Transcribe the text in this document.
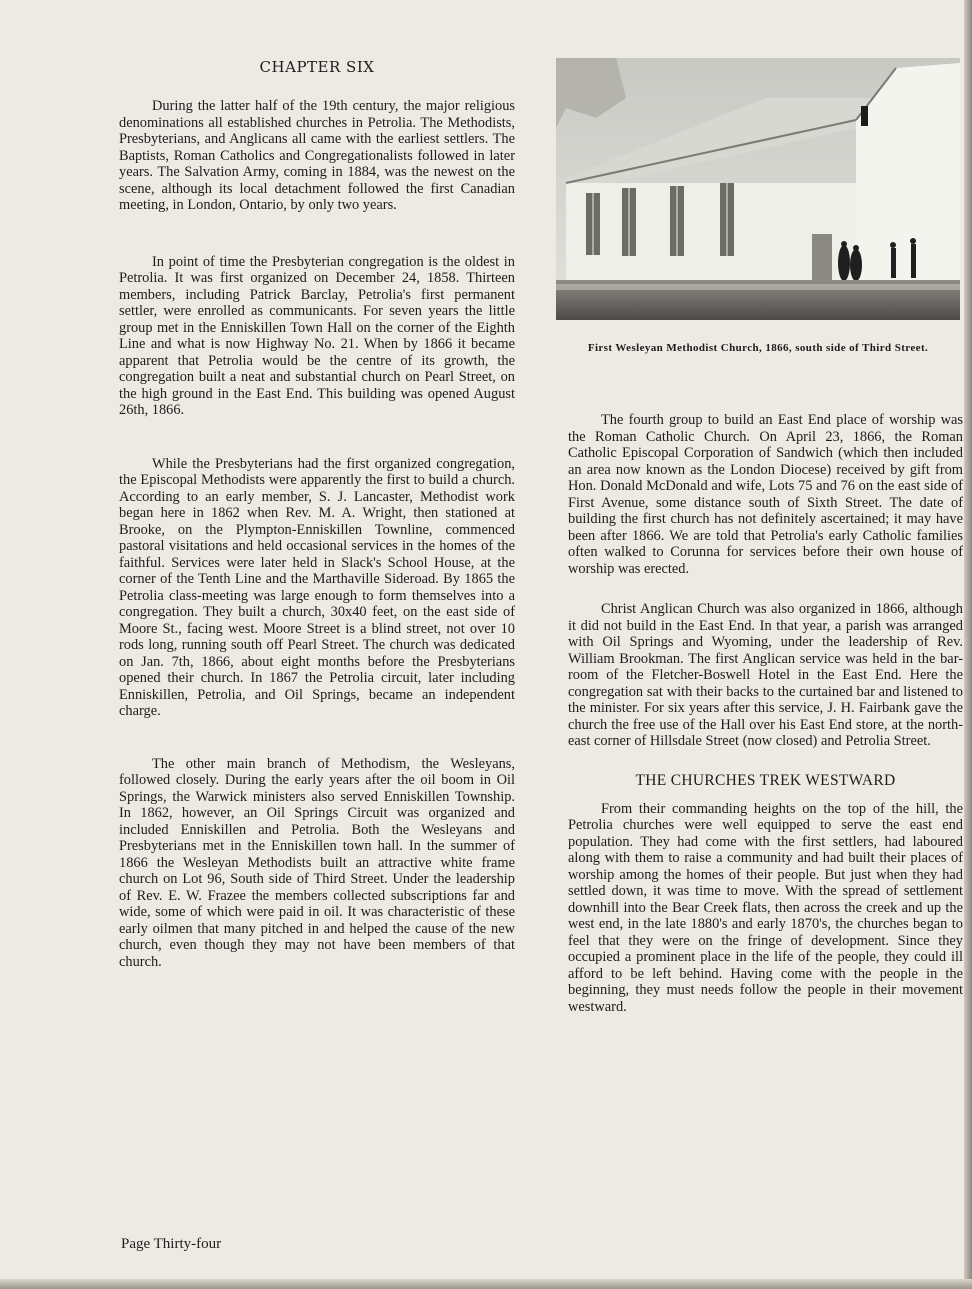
CHAPTER SIX

During the latter half of the 19th century, the major religious denominations all established churches in Petrolia. The Methodists, Presbyterians, and Anglicans all came with the earliest settlers. The Baptists, Roman Catholics and Congregationalists followed in later years. The Salvation Army, coming in 1884, was the newest on the scene, although its local detachment followed the first Canadian meeting, in London, Ontario, by only two years.

In point of time the Presbyterian congregation is the oldest in Petrolia. It was first organized on December 24, 1858. Thirteen members, including Patrick Barclay, Petrolia's first permanent settler, were enrolled as communicants. For seven years the little group met in the Enniskillen Town Hall on the corner of the Eighth Line and what is now Highway No. 21. When by 1866 it became apparent that Petrolia would be the centre of its growth, the congregation built a neat and substantial church on Pearl Street, on the high ground in the East End. This building was opened August 26th, 1866.

While the Presbyterians had the first organized congregation, the Episcopal Methodists were apparently the first to build a church. According to an early member, S. J. Lancaster, Methodist work began here in 1862 when Rev. M. A. Wright, then stationed at Brooke, on the Plympton-Enniskillen Townline, commenced pastoral visitations and held occasional services in the homes of the faithful. Services were later held in Slack's School House, at the corner of the Tenth Line and the Marthaville Sideroad. By 1865 the Petrolia class-meeting was large enough to form themselves into a congregation. They built a church, 30x40 feet, on the east side of Moore St., facing west. Moore Street is a blind street, not over 10 rods long, running south off Pearl Street. The church was dedicated on Jan. 7th, 1866, about eight months before the Presbyterians opened their church. In 1867 the Petrolia circuit, later including Enniskillen, Petrolia, and Oil Springs, became an independent charge.

The other main branch of Methodism, the Wesleyans, followed closely. During the early years after the oil boom in Oil Springs, the Warwick ministers also served Enniskillen Township. In 1862, however, an Oil Springs Circuit was organized and included Enniskillen and Petrolia. Both the Wesleyans and Presbyterians met in the Enniskillen town hall. In the summer of 1866 the Wesleyan Methodists built an attractive white frame church on Lot 96, South side of Third Street. Under the leadership of Rev. E. W. Frazee the members collected subscriptions far and wide, some of which were paid in oil. It was characteristic of these early oilmen that many pitched in and helped the cause of the new church, even though they may not have been members of that church.

First Wesleyan Methodist Church, 1866, south side of Third Street.

The fourth group to build an East End place of worship was the Roman Catholic Church. On April 23, 1866, the Roman Catholic Episcopal Corporation of Sandwich (which then included an area now known as the London Diocese) received by gift from Hon. Donald McDonald and wife, Lots 75 and 76 on the east side of First Avenue, some distance south of Sixth Street. The date of building the first church has not definitely ascertained; it may have been after 1866. We are told that Petrolia's early Catholic families often walked to Corunna for services before their own house of worship was erected.

Christ Anglican Church was also organized in 1866, although it did not build in the East End. In that year, a parish was arranged with Oil Springs and Wyoming, under the leadership of Rev. William Brookman. The first Anglican service was held in the bar-room of the Fletcher-Boswell Hotel in the East End. Here the congregation sat with their backs to the curtained bar and listened to the minister. For six years after this service, J. H. Fairbank gave the church the free use of the Hall over his East End store, at the north-east corner of Hillsdale Street (now closed) and Petrolia Street.

THE CHURCHES TREK WESTWARD

From their commanding heights on the top of the hill, the Petrolia churches were well equipped to serve the east end population. They had come with the first settlers, had laboured along with them to raise a community and had built their places of worship among the homes of their people. But just when they had settled down, it was time to move. With the spread of settlement downhill into the Bear Creek flats, then across the creek and up the west end, in the late 1880's and early 1870's, the churches began to feel that they were on the fringe of development. Since they occupied a prominent place in the life of the people, they could ill afford to be left behind. Having come with the people in the beginning, they must needs follow the people in their movement westward.

Page Thirty-four
